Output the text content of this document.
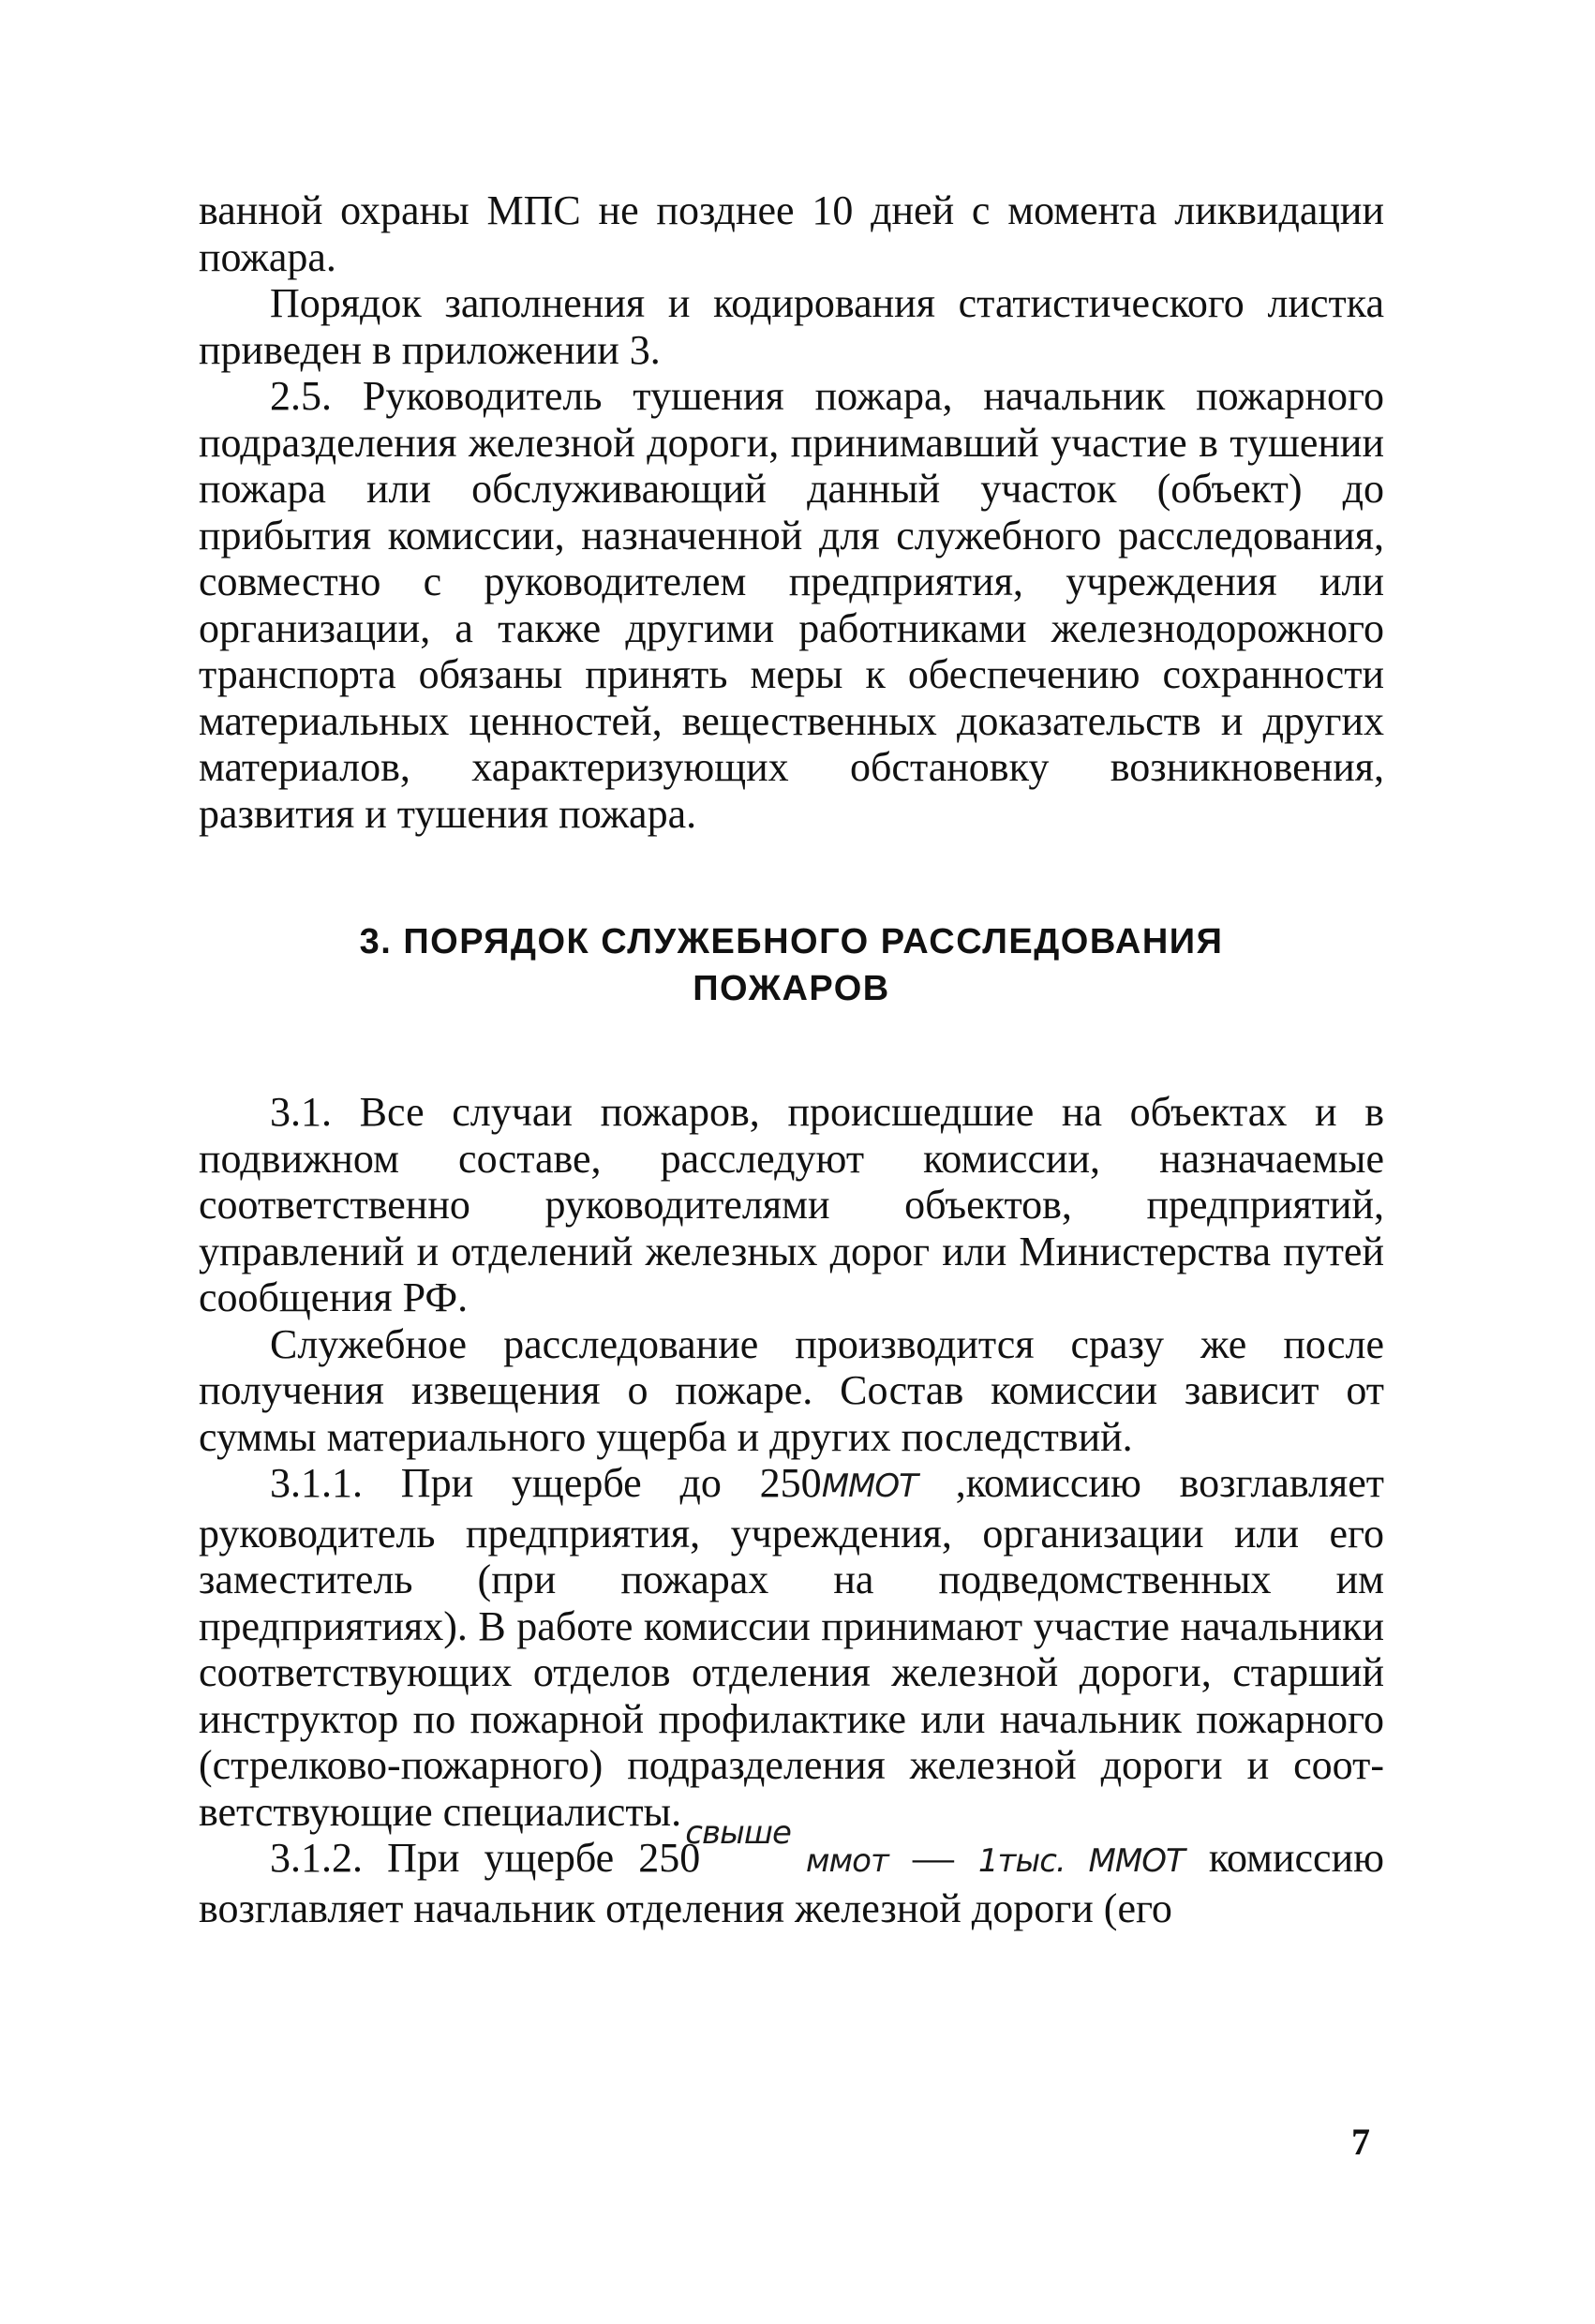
ванной охраны МПС не позднее 10 дней с момента ликвидации пожара.

Порядок заполнения и кодирования статистического листка приведен в приложении 3.

2.5. Руководитель тушения пожара, начальник пожарного подразделения железной дороги, принимавший участие в тушении пожара или обслуживающий данный участок (объект) до прибытия комиссии, назначенной для служебного расследования, совместно с руководителем предприятия, учреждения или организации, а также другими работниками железнодорожного транспорта обязаны принять меры к обеспечению сохранности материальных ценностей, вещественных доказательств и других материалов, характеризующих обстановку возникновения, развития и тушения пожара.

3. ПОРЯДОК СЛУЖЕБНОГО РАССЛЕДОВАНИЯ
ПОЖАРОВ

3.1. Все случаи пожаров, происшедшие на объектах и в подвижном составе, расследуют комиссии, назначаемые соответственно руководителями объектов, предприятий, управлений и отделений железных дорог или Министерства путей сообщения РФ.

Служебное расследование производится сразу же после получения извещения о пожаре. Состав комиссии зависит от суммы материального ущерба и других последствий.

3.1.1. При ущербе до 250ММОТ ,комиссию возглавляет руководитель предприятия, учреждения, организации или его заместитель (при пожарах на подведомственных им предприятиях). В работе комиссии принимают участие начальники соответствующих отделов отделения железной дороги, старший инструктор по пожарной профилактике или начальник пожарного (стрелково-пожарного) подразделения железной дороги и соответствующие специалисты.

3.1.2. При ущербе $250^{свыше}ммот$ — 1тыс. ММОТ комиссию возглавляет начальник отделения железной дороги (его

7
